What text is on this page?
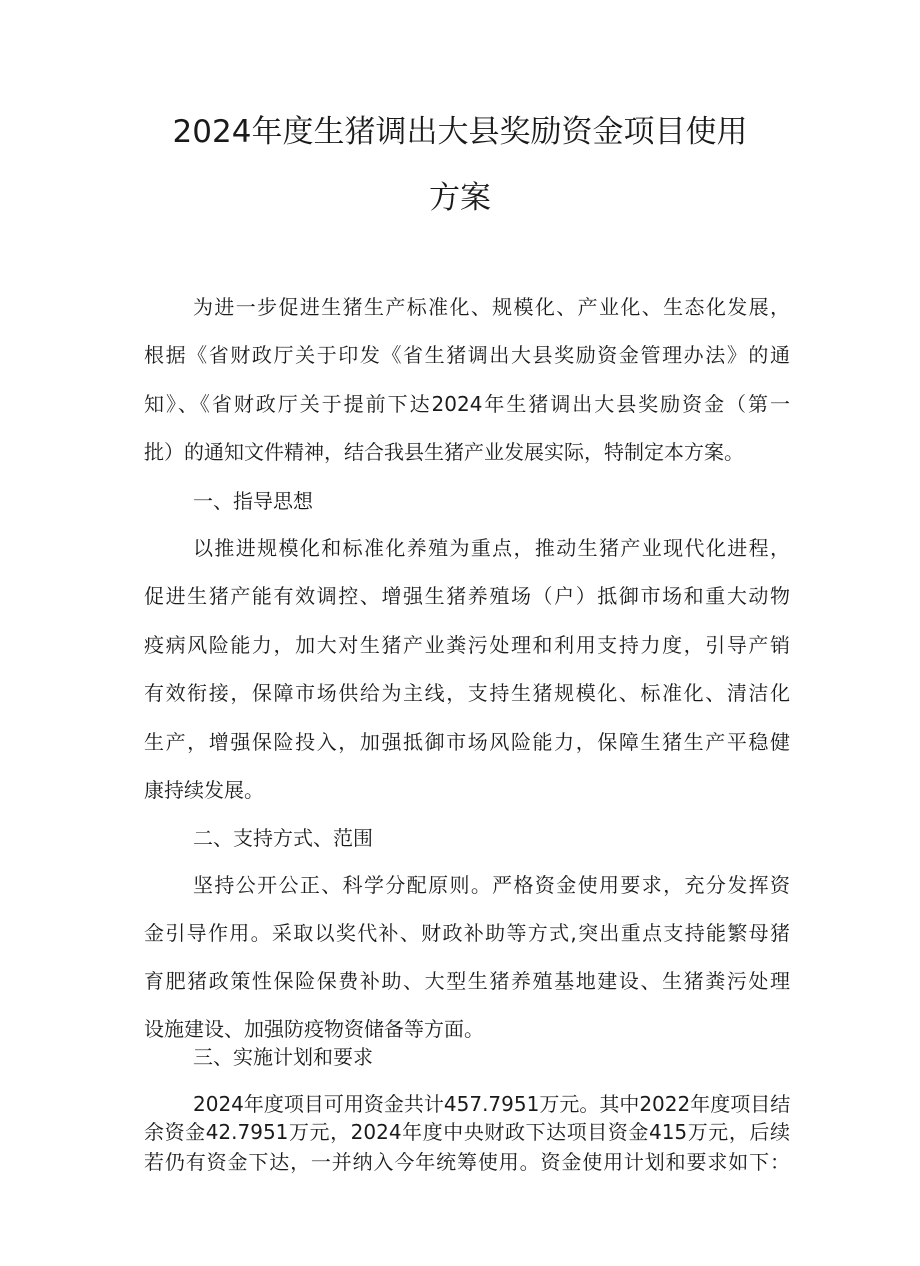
2024年度生猪调出大县奖励资金项目使用
方案
为进一步促进生猪生产标准化、规模化、产业化、生态化发展，
根据《省财政厅关于印发《省生猪调出大县奖励资金管理办法》的通
知》、《省财政厅关于提前下达2024年生猪调出大县奖励资金（第一
批）的通知文件精神，结合我县生猪产业发展实际，特制定本方案。
一、指导思想
以推进规模化和标准化养殖为重点，推动生猪产业现代化进程，
促进生猪产能有效调控、增强生猪养殖场（户）抵御市场和重大动物
疫病风险能力，加大对生猪产业粪污处理和利用支持力度，引导产销
有效衔接，保障市场供给为主线，支持生猪规模化、标准化、清洁化
生产，增强保险投入，加强抵御市场风险能力，保障生猪生产平稳健
康持续发展。
二、支持方式、范围
坚持公开公正、科学分配原则。严格资金使用要求，充分发挥资
金引导作用。采取以奖代补、财政补助等方式,突出重点支持能繁母猪
育肥猪政策性保险保费补助、大型生猪养殖基地建设、生猪粪污处理
设施建设、加强防疫物资储备等方面。
三、实施计划和要求
2024年度项目可用资金共计457.7951万元。其中2022年度项目结
余资金42.7951万元，2024年度中央财政下达项目资金415万元，后续
若仍有资金下达，一并纳入今年统筹使用。资金使用计划和要求如下：
